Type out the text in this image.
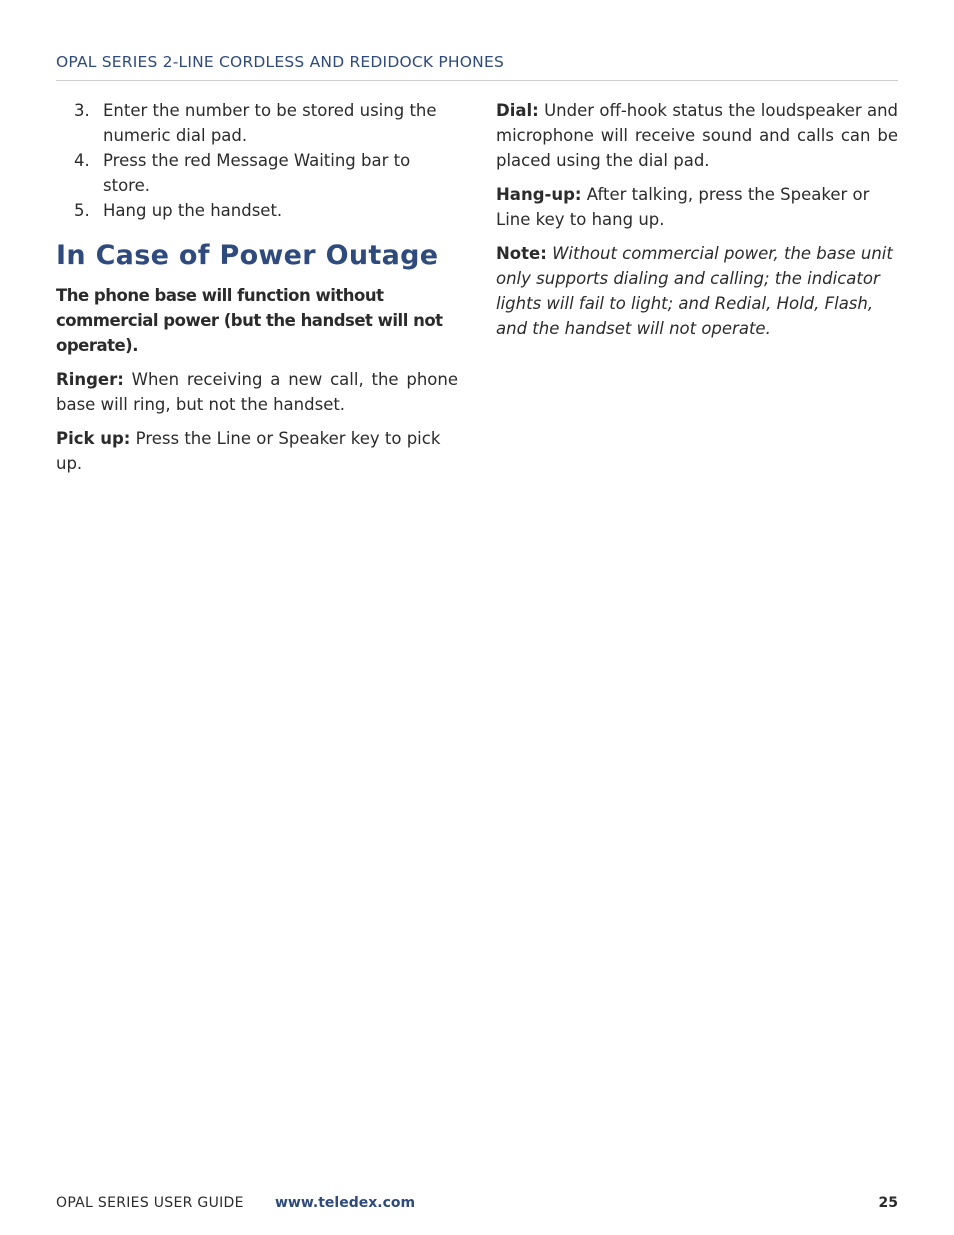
OPAL SERIES 2-LINE CORDLESS AND REDIDOCK PHONES
3. Enter the number to be stored using the numeric dial pad.
4. Press the red Message Waiting bar to store.
5. Hang up the handset.
In Case of Power Outage

The phone base will function without commercial power (but the handset will not operate).

Ringer: When receiving a new call, the phone base will ring, but not the handset.

Pick up: Press the Line or Speaker key to pick up.

Dial: Under off-hook status the loudspeaker and microphone will receive sound and calls can be placed using the dial pad.

Hang-up: After talking, press the Speaker or Line key to hang up.

Note: Without commercial power, the base unit only supports dialing and calling; the indicator lights will fail to light; and Redial, Hold, Flash, and the handset will not operate.

OPAL SERIES USER GUIDE www.teledex.com	25
